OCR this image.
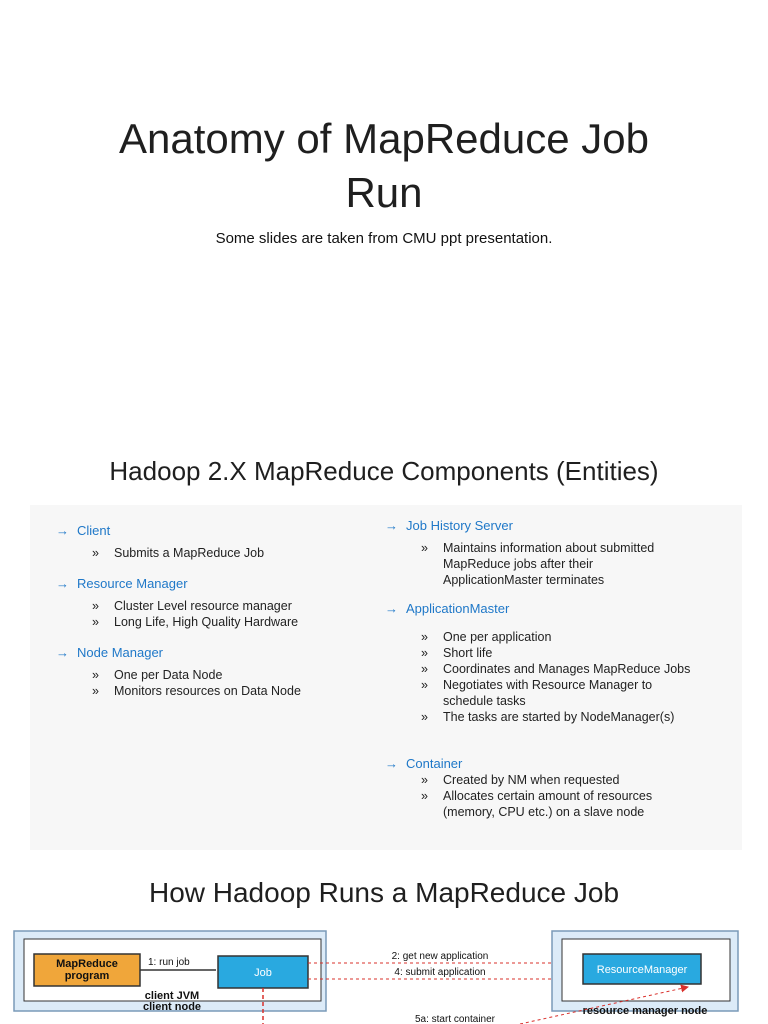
Anatomy of MapReduce Job
Run
Some slides are taken from CMU ppt presentation.
Hadoop 2.X MapReduce Components (Entities)
→ Client
» Submits a MapReduce Job
→ Resource Manager
» Cluster Level resource manager
» Long Life, High Quality Hardware
→ Node Manager
» One per Data Node
» Monitors resources on Data Node
→ Job History Server
» Maintains information about submitted MapReduce jobs after their ApplicationMaster terminates
→ ApplicationMaster
» One per application
» Short life
» Coordinates and Manages MapReduce Jobs
» Negotiates with Resource Manager to schedule tasks
» The tasks are started by NodeManager(s)
→ Container
» Created by NM when requested
» Allocates certain amount of resources (memory, CPU etc.) on a slave node
How Hadoop Runs a MapReduce Job
MapReduce
program
1: run job
Job
client JVM
client node
2: get new application
4: submit application	ResourceManager
resource manager node
5a: start container
